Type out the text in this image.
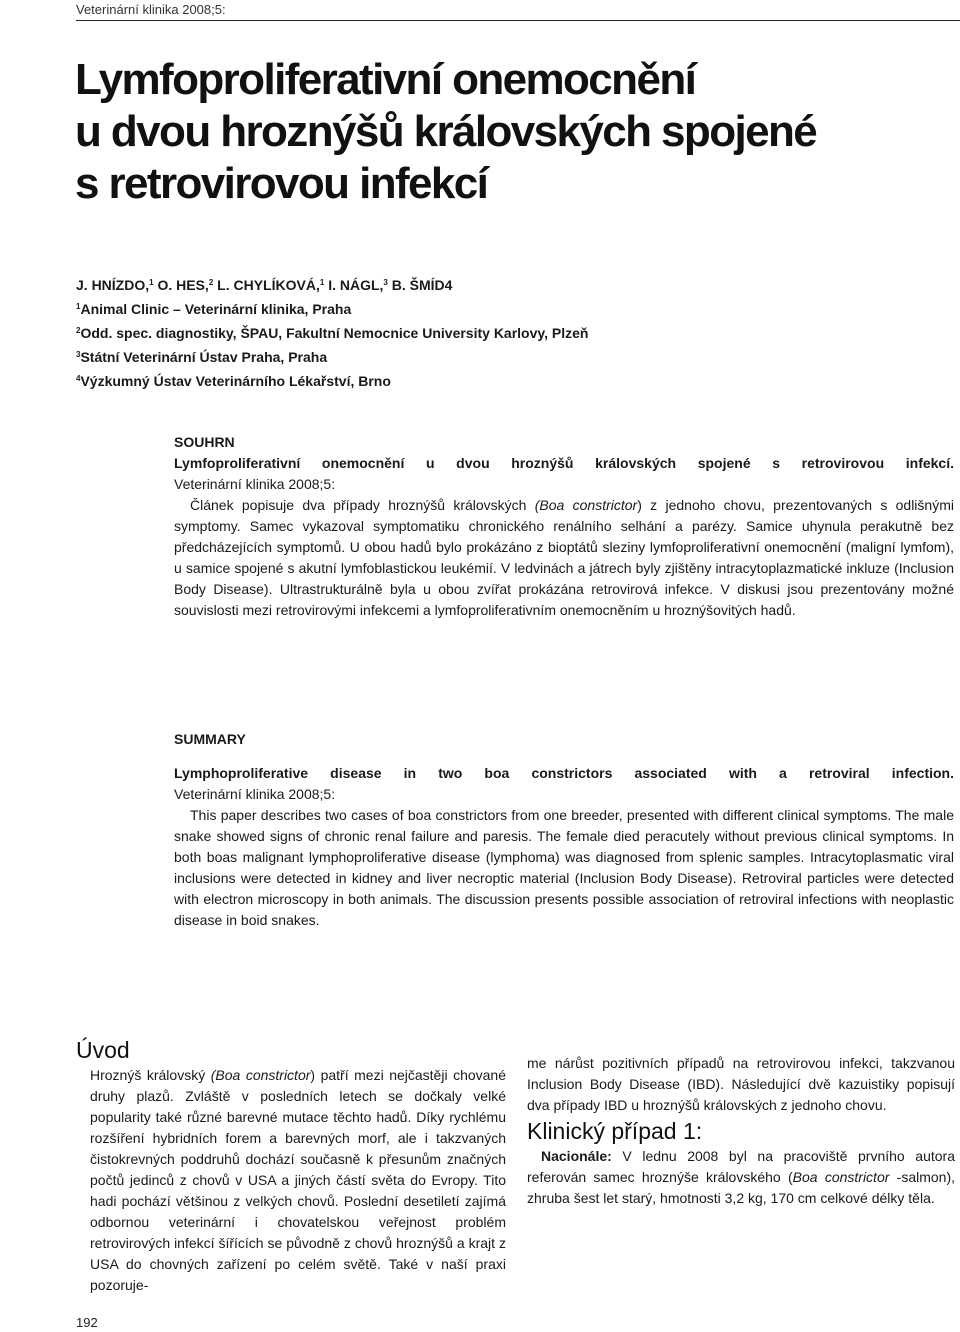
Veterinární klinika 2008;5:
Lymfoproliferativní onemocnění
u dvou hroznýšů královských spojené
s retrovirovou infekcí
J. HNÍZDO,$^1$ O. HES,$^2$ L. CHYLÍKOVÁ,$^1$ I. NÁGL,$^3$ B. ŠMÍD4
$^1$Animal Clinic – Veterinární klinika, Praha
$^2$Odd. spec. diagnostiky, ŠPAU, Fakultní Nemocnice University Karlovy, Plzeň
$^3$Státní Veterinární Ústav Praha, Praha
$^4$Výzkumný Ústav Veterinárního Lékařství, Brno

SOUHRN

Lymfoproliferativní onemocnění u dvou hroznýšů královských spojené s retrovirovou infekcí.

Veterinární klinika 2008;5:

Článek popisuje dva případy hroznýšů královských (Boa constrictor) z jednoho chovu, prezentovaných s odlišnými symptomy. Samec vykazoval symptomatiku chronického renálního selhání a parézy. Samice uhynula perakutně bez předcházejících symptomů. U obou hadů bylo prokázáno z bioptátů sleziny lymfoproliferativní onemocnění (maligní lymfom), u samice spojené s akutní lymfoblastickou leukémií. V ledvinách a játrech byly zjištěny intracytoplazmatické inkluze (Inclusion Body Disease). Ultrastrukturálně byla u obou zvířat prokázána retrovirová infekce. V diskusi jsou prezentovány možné souvislosti mezi retrovirovými infekcemi a lymfoproliferativním onemocněním u hroznýšovitých hadů.

SUMMARY

Lymphoproliferative disease in two boa constrictors associated with a retroviral infection.

Veterinární klinika 2008;5:

This paper describes two cases of boa constrictors from one breeder, presented with different clinical symptoms. The male snake showed signs of chronic renal failure and paresis. The female died peracutely without previous clinical symptoms. In both boas malignant lymphoproliferative disease (lymphoma) was diagnosed from splenic samples. Intracytoplasmatic viral inclusions were detected in kidney and liver necroptic material (Inclusion Body Disease). Retroviral particles were detected with electron microscopy in both animals. The discussion presents possible association of retroviral infections with neoplastic disease in boid snakes.

Úvod

Hroznýš královský (Boa constrictor) patří mezi nejčastěji chované druhy plazů. Zvláště v posledních letech se dočkaly velké popularity také různé barevné mutace těchto hadů. Díky rychlému rozšíření hybridních forem a barevných morf, ale i takzvaných čistokrevných poddruhů dochází současně k přesunům značných počtů jedinců z chovů v USA a jiných částí světa do Evropy. Tito hadi pochází většinou z velkých chovů. Poslední desetiletí zajímá odbornou veterinární i chovatelskou veřejnost problém retrovirových infekcí šířících se původně z chovů hroznýšů a krajt z USA do chovných zařízení po celém světě. Také v naší praxi pozoruje-

me nárůst pozitivních případů na retrovirovou infekci, takzvanou Inclusion Body Disease (IBD). Následující dvě kazuistiky popisují dva případy IBD u hroznýšů královských z jednoho chovu.

Klinický případ 1:

Nacionále: V lednu 2008 byl na pracoviště prvního autora referován samec hroznýše královského (Boa constrictor -salmon), zhruba šest let starý, hmotnosti 3,2 kg, 170 cm celkové délky těla.

192
